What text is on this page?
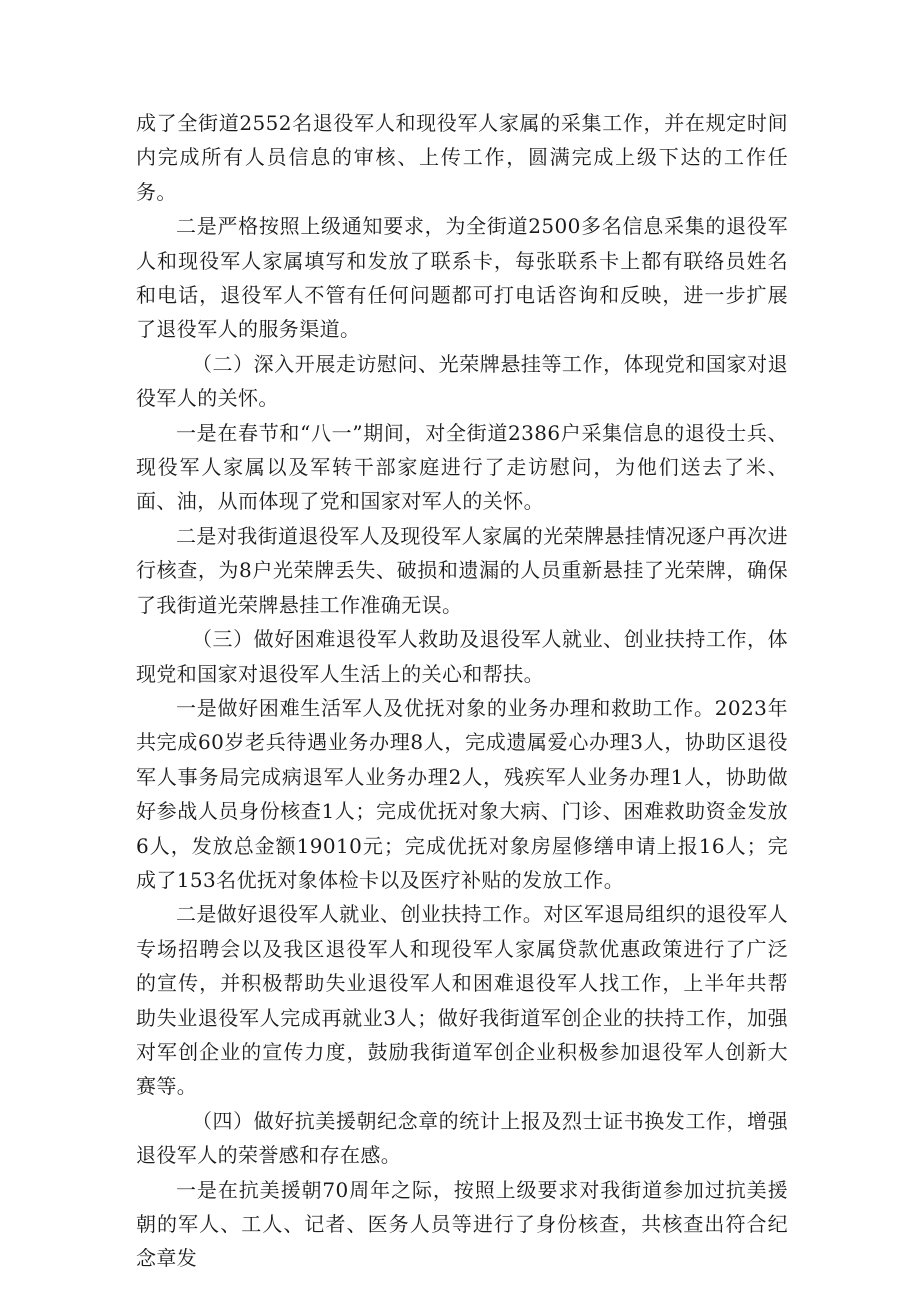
成了全街道2552名退役军人和现役军人家属的采集工作，并在规定时间内完成所有人员信息的审核、上传工作，圆满完成上级下达的工作任务。

二是严格按照上级通知要求，为全街道2500多名信息采集的退役军人和现役军人家属填写和发放了联系卡，每张联系卡上都有联络员姓名和电话，退役军人不管有任何问题都可打电话咨询和反映，进一步扩展了退役军人的服务渠道。

（二）深入开展走访慰问、光荣牌悬挂等工作，体现党和国家对退役军人的关怀。

一是在春节和“八一”期间，对全街道2386户采集信息的退役士兵、现役军人家属以及军转干部家庭进行了走访慰问，为他们送去了米、面、油，从而体现了党和国家对军人的关怀。

二是对我街道退役军人及现役军人家属的光荣牌悬挂情况逐户再次进行核查，为8户光荣牌丢失、破损和遗漏的人员重新悬挂了光荣牌，确保了我街道光荣牌悬挂工作准确无误。

（三）做好困难退役军人救助及退役军人就业、创业扶持工作，体现党和国家对退役军人生活上的关心和帮扶。

一是做好困难生活军人及优抚对象的业务办理和救助工作。2023年共完成60岁老兵待遇业务办理8人，完成遗属爱心办理3人，协助区退役军人事务局完成病退军人业务办理2人，残疾军人业务办理1人，协助做好参战人员身份核查1人；完成优抚对象大病、门诊、困难救助资金发放6人，发放总金额19010元；完成优抚对象房屋修缮申请上报16人；完成了153名优抚对象体检卡以及医疗补贴的发放工作。

二是做好退役军人就业、创业扶持工作。对区军退局组织的退役军人专场招聘会以及我区退役军人和现役军人家属贷款优惠政策进行了广泛的宣传，并积极帮助失业退役军人和困难退役军人找工作，上半年共帮助失业退役军人完成再就业3人；做好我街道军创企业的扶持工作，加强对军创企业的宣传力度，鼓励我街道军创企业积极参加退役军人创新大赛等。

（四）做好抗美援朝纪念章的统计上报及烈士证书换发工作，增强退役军人的荣誉感和存在感。

一是在抗美援朝70周年之际，按照上级要求对我街道参加过抗美援朝的军人、工人、记者、医务人员等进行了身份核查，共核查出符合纪念章发
